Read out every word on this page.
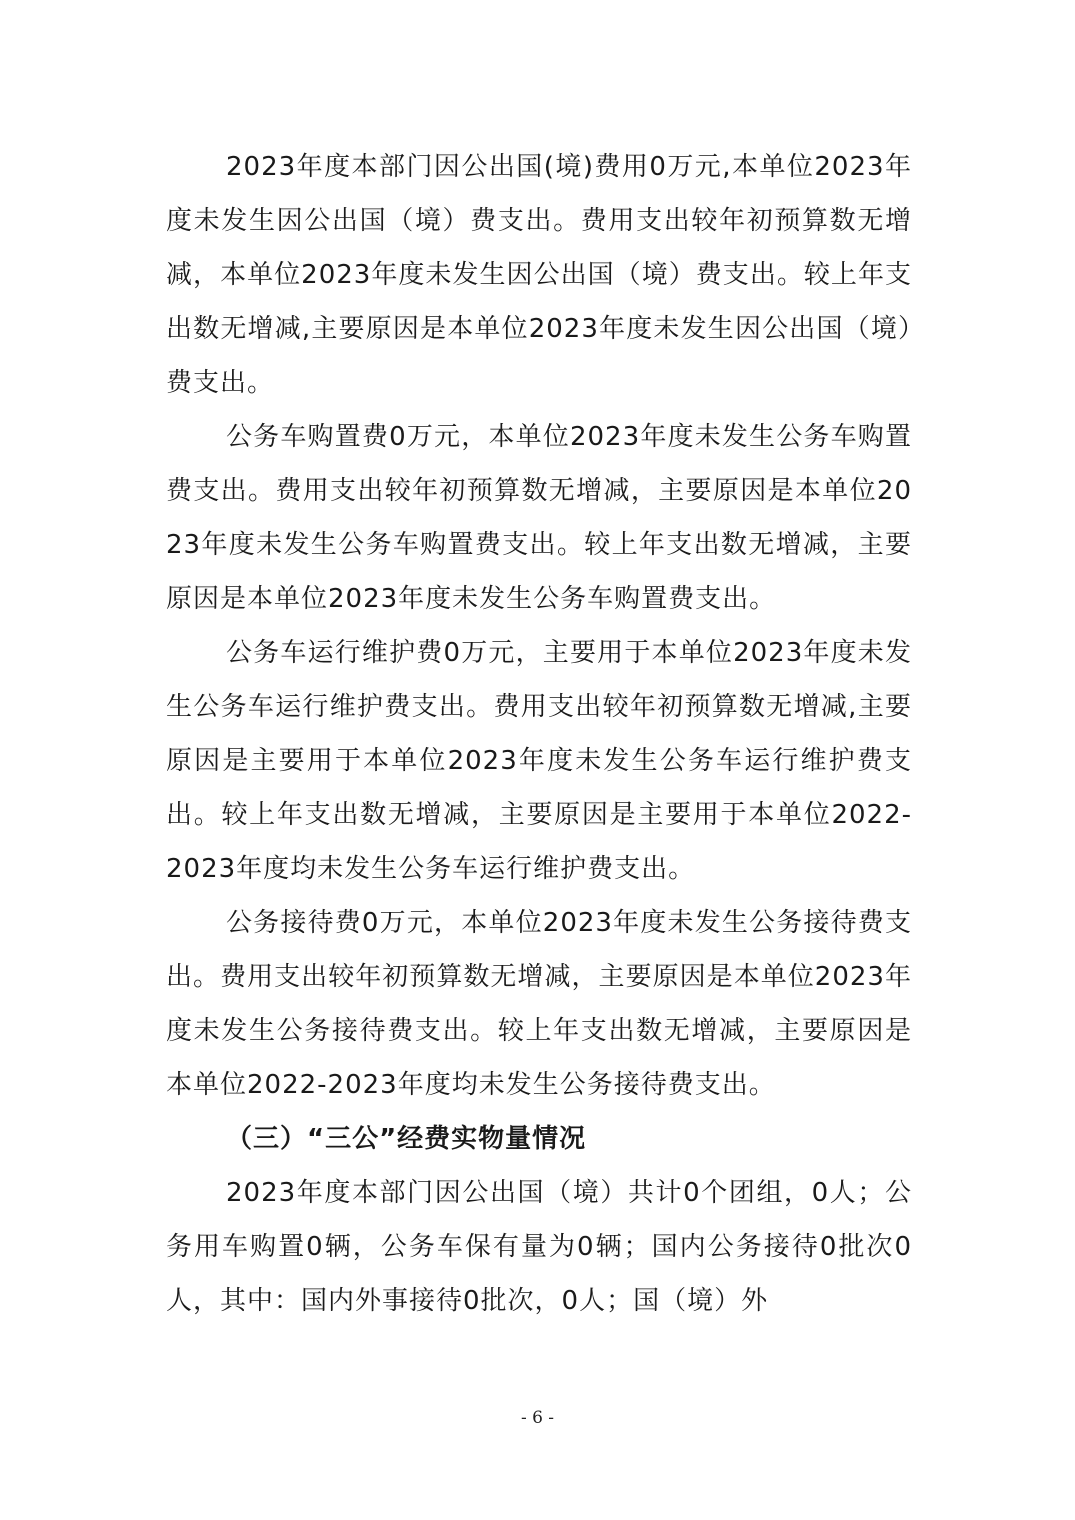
2023年度本部门因公出国(境)费用0万元,本单位2023年度未发生因公出国（境）费支出。费用支出较年初预算数无增减，本单位2023年度未发生因公出国（境）费支出。较上年支出数无增减,主要原因是本单位2023年度未发生因公出国（境）费支出。

公务车购置费0万元，本单位2023年度未发生公务车购置费支出。费用支出较年初预算数无增减，主要原因是本单位2023年度未发生公务车购置费支出。较上年支出数无增减，主要原因是本单位2023年度未发生公务车购置费支出。

公务车运行维护费0万元，主要用于本单位2023年度未发生公务车运行维护费支出。费用支出较年初预算数无增减,主要原因是主要用于本单位2023年度未发生公务车运行维护费支出。较上年支出数无增减，主要原因是主要用于本单位2022-2023年度均未发生公务车运行维护费支出。

公务接待费0万元，本单位2023年度未发生公务接待费支出。费用支出较年初预算数无增减，主要原因是本单位2023年度未发生公务接待费支出。较上年支出数无增减，主要原因是本单位2022-2023年度均未发生公务接待费支出。

（三）“三公”经费实物量情况

2023年度本部门因公出国（境）共计0个团组，0人；公务用车购置0辆，公务车保有量为0辆；国内公务接待0批次0人，其中：国内外事接待0批次，0人；国（境）外

- 6 -
